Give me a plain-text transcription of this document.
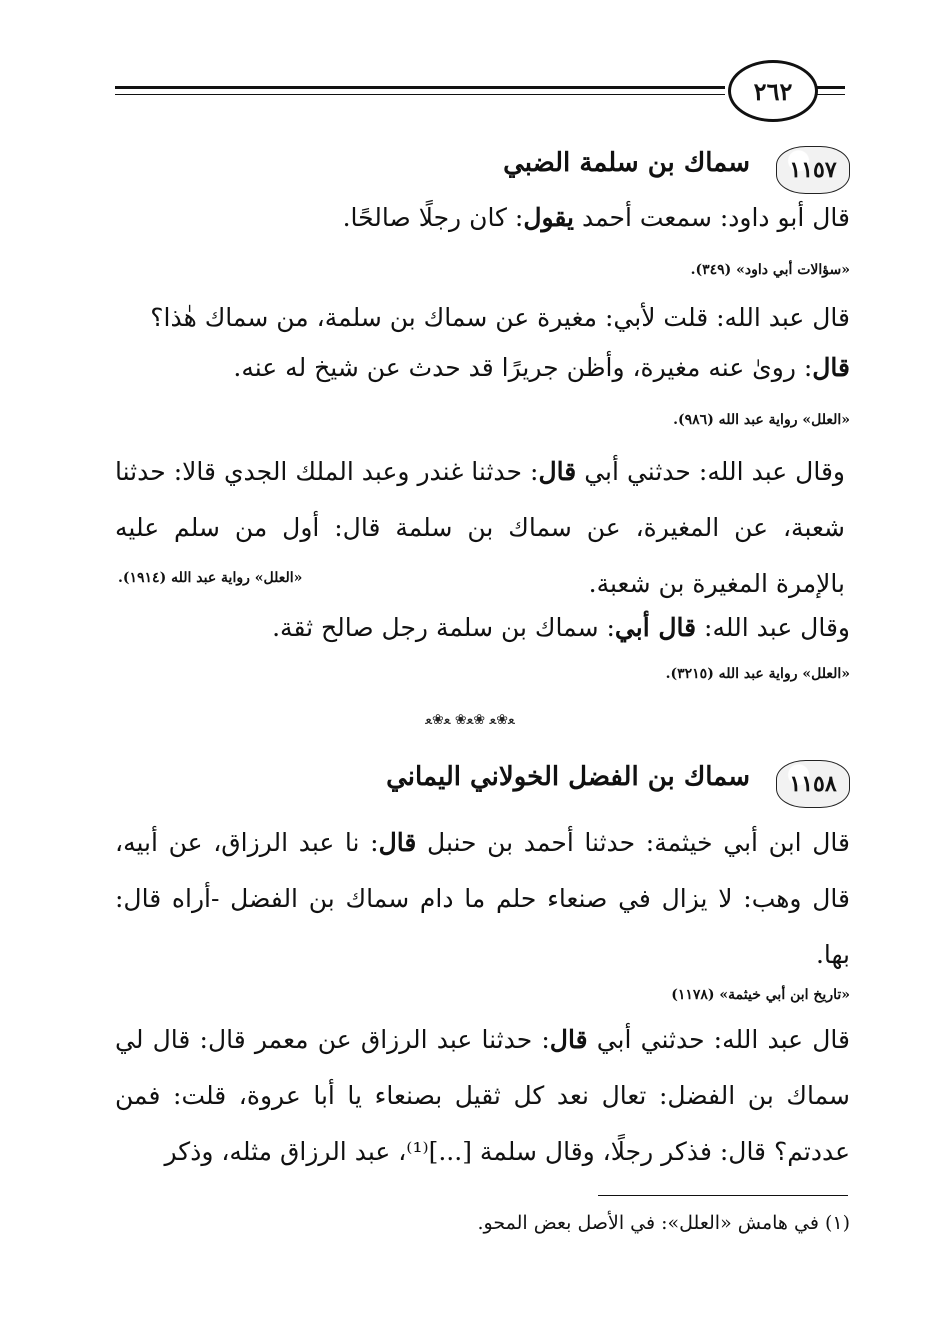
٢٦٢
١١٥٧
سماك بن سلمة الضبي
قال أبو داود: سمعت أحمد يقول: كان رجلًا صالحًا.
«سؤالات أبي داود» (٣٤٩).
قال عبد الله: قلت لأبي: مغيرة عن سماك بن سلمة، من سماك هٰذا؟
قال: روىٰ عنه مغيرة، وأظن جريرًا قد حدث عن شيخ له عنه.
«العلل» رواية عبد الله (٩٨٦).
وقال عبد الله: حدثني أبي قال: حدثنا غندر وعبد الملك الجدي قالا: حدثنا شعبة، عن المغيرة، عن سماك بن سلمة قال: أول من سلم عليه بالإمرة المغيرة بن شعبة.
«العلل» رواية عبد الله (١٩١٤).
وقال عبد الله: قال أبي: سماك بن سلمة رجل صالح ثقة.
«العلل» رواية عبد الله (٣٢١٥).
ﻌ❀ﻌ ❀ﻌ❀ ﻌ❀ﻌ
١١٥٨
سماك بن الفضل الخولاني اليماني
قال ابن أبي خيثمة: حدثنا أحمد بن حنبل قال: نا عبد الرزاق، عن أبيه، قال وهب: لا يزال في صنعاء حلم ما دام سماك بن الفضل -أراه قال: بها.
«تاريخ ابن أبي خيثمة» (١١٧٨)
قال عبد الله: حدثني أبي قال: حدثنا عبد الرزاق عن معمر قال: قال لي سماك بن الفضل: تعال نعد كل ثقيل بصنعاء يا أبا عروة، قلت: فمن عددتم؟ قال: فذكر رجلًا، وقال سلمة [...]⁽¹⁾، عبد الرزاق مثله، وذكر
(١) في هامش «العلل»: في الأصل بعض المحو.
